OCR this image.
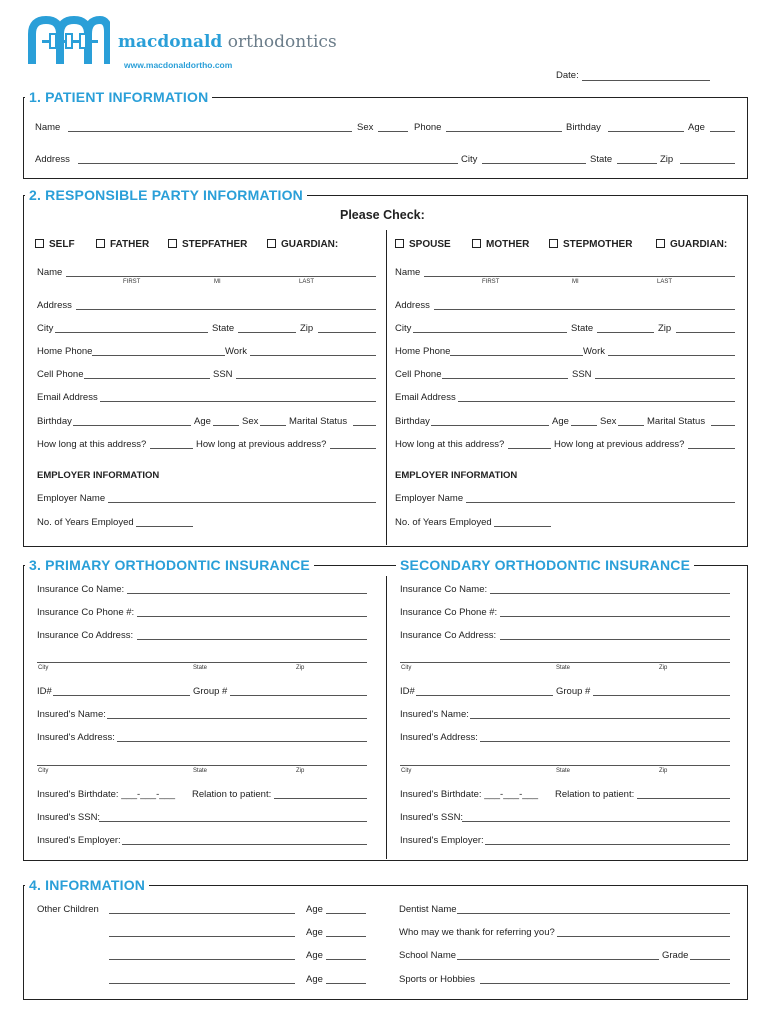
macdonald orthodontics
www.macdonaldortho.com
Date:
1. PATIENT INFORMATION
Name	Sex	Phone	Birthday	Age
Address	City	State	Zip
2. RESPONSIBLE PARTY INFORMATION
Please Check:
SELF	FATHER	STEPFATHER	GUARDIAN:	SPOUSE	MOTHER	STEPMOTHER	GUARDIAN:
Name
FIRST	MI	LAST
Address
City	State	Zip
Home Phone	Work
Cell Phone	SSN
Email Address
Birthday	Age	Sex	Marital Status
How long at this address?	How long at previous address?
EMPLOYER INFORMATION
Employer Name
No. of Years Employed
Name
FIRST	MI	LAST
Address
City	State	Zip
Home Phone	Work
Cell Phone	SSN
Email Address
Birthday	Age	Sex	Marital Status
How long at this address?	How long at previous address?
EMPLOYER INFORMATION
Employer Name
No. of Years Employed
3. PRIMARY ORTHODONTIC INSURANCE	SECONDARY ORTHODONTIC INSURANCE
Insurance Co Name:
Insurance Co Phone #:
Insurance Co Address:
City	State	Zip
ID#	Group #
Insured's Name:
Insured's Address:
City	State	Zip
Insured's Birthdate: ___-___-___ Relation to patient:
Insured's SSN:
Insured's Employer:
Insurance Co Name:
Insurance Co Phone #:
Insurance Co Address:
City	State	Zip
ID#	Group #
Insured's Name:
Insured's Address:
City	State	Zip
Insured's Birthdate: ___-___-___ Relation to patient:
Insured's SSN:
Insured's Employer:
4. INFORMATION
Other Children	Age
Age
Age
Age
Dentist Name
Who may we thank for referring you?
School Name	Grade
Sports or Hobbies
